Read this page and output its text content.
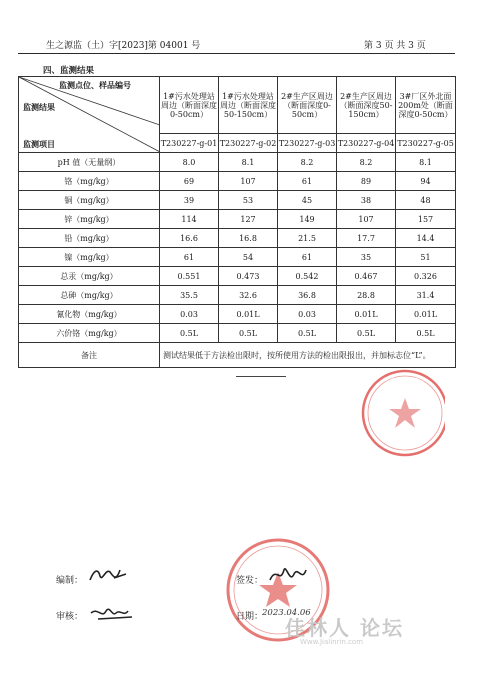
生之源监（土）字[2023]第 04001 号	第 3 页 共 3 页
四、监测结果
监测点位、样品编号
监测结果
监测项目	1#污水处理站周边（断面深度0-50cm）	1#污水处理站周边（断面深度50-150cm）	2#生产区周边（断面深度0-50cm）	2#生产区周边（断面深度50-150cm）	3#厂区外北面200m处（断面深度0-50cm）
	T230227-g-01	T230227-g-02	T230227-g-03	T230227-g-04	T230227-g-05
pH 值（无量纲）	8.0	8.1	8.2	8.2	8.1
铬（mg/kg）	69	107	61	89	94
铜（mg/kg）	39	53	45	38	48
锌（mg/kg）	114	127	149	107	157
铅（mg/kg）	16.6	16.8	21.5	17.7	14.4
镍（mg/kg）	61	54	61	35	51
总汞（mg/kg）	0.551	0.473	0.542	0.467	0.326
总砷（mg/kg）	35.5	32.6	36.8	28.8	31.4
氰化物（mg/kg）	0.03	0.01L	0.03	0.01L	0.01L
六价铬（mg/kg）	0.5L	0.5L	0.5L	0.5L	0.5L
备注	测试结果低于方法检出限时，按所使用方法的检出限报出，并加标志位“L”。				
编制：
审核：
签发：
日期：
2023.04.06
佳林人 论坛
Www.Jialinrin.com
